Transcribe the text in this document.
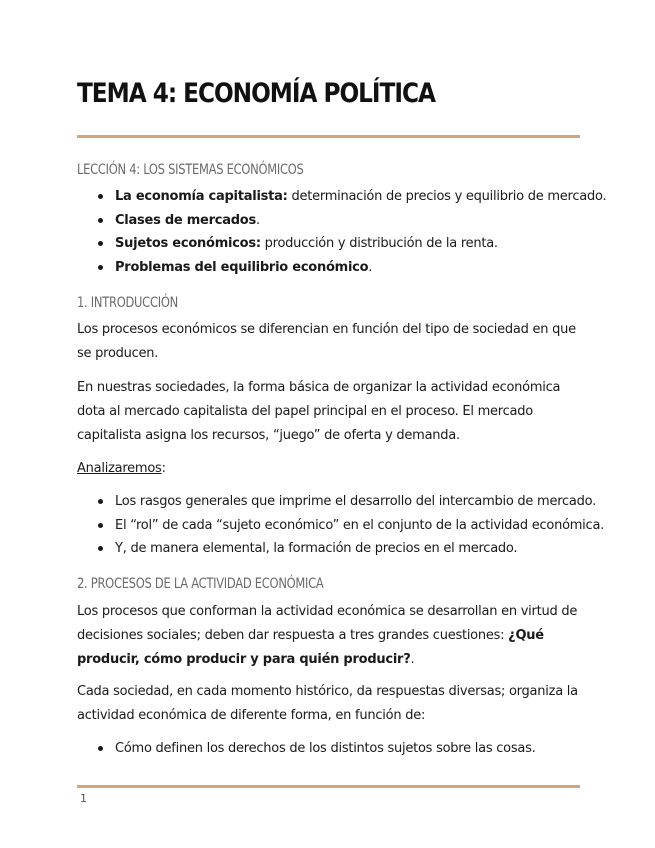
TEMA 4: ECONOMÍA POLÍTICA
LECCIÓN 4: LOS SISTEMAS ECONÓMICOS
La economía capitalista: determinación de precios y equilibrio de mercado.
Clases de mercados.
Sujetos económicos: producción y distribución de la renta.
Problemas del equilibrio económico.
1. INTRODUCCIÓN

Los procesos económicos se diferencian en función del tipo de sociedad en que se producen.

En nuestras sociedades, la forma básica de organizar la actividad económica dota al mercado capitalista del papel principal en el proceso. El mercado capitalista asigna los recursos, “juego” de oferta y demanda.

Analizaremos:

Los rasgos generales que imprime el desarrollo del intercambio de mercado.
El “rol” de cada “sujeto económico” en el conjunto de la actividad económica.
Y, de manera elemental, la formación de precios en el mercado.
2. PROCESOS DE LA ACTIVIDAD ECONÓMICA

Los procesos que conforman la actividad económica se desarrollan en virtud de decisiones sociales; deben dar respuesta a tres grandes cuestiones: ¿Qué producir, cómo producir y para quién producir?.

Cada sociedad, en cada momento histórico, da respuestas diversas; organiza la actividad económica de diferente forma, en función de:

Cómo definen los derechos de los distintos sujetos sobre las cosas.
1
